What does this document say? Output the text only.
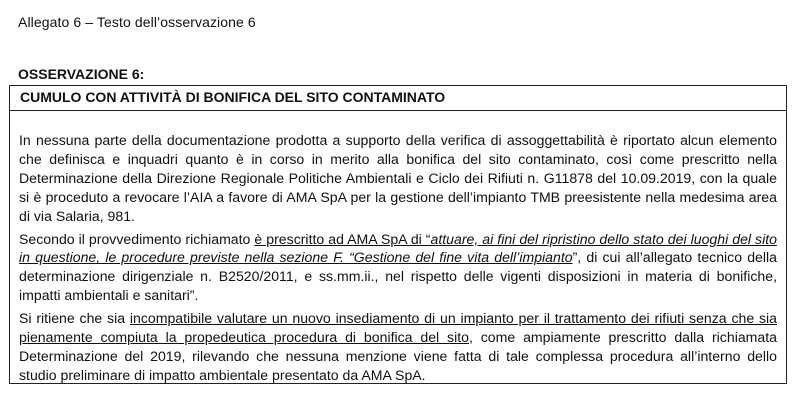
Allegato 6 – Testo dell’osservazione 6
OSSERVAZIONE 6:
CUMULO CON ATTIVITÀ DI BONIFICA DEL SITO CONTAMINATO

In nessuna parte della documentazione prodotta a supporto della verifica di assoggettabilità è riportato alcun elemento che definisca e inquadri quanto è in corso in merito alla bonifica del sito contaminato, così come prescritto nella Determinazione della Direzione Regionale Politiche Ambientali e Ciclo dei Rifiuti n. G11878 del 10.09.2019, con la quale si è proceduto a revocare l’AIA a favore di AMA SpA per la gestione dell’impianto TMB preesistente nella medesima area di via Salaria, 981.

Secondo il provvedimento richiamato è prescritto ad AMA SpA di “attuare, ai fini del ripristino dello stato dei luoghi del sito in questione, le procedure previste nella sezione F. “Gestione del fine vita dell’impianto”, di cui all’allegato tecnico della determinazione dirigenziale n. B2520/2011, e ss.mm.ii., nel rispetto delle vigenti disposizioni in materia di bonifiche, impatti ambientali e sanitari”.

Si ritiene che sia incompatibile valutare un nuovo insediamento di un impianto per il trattamento dei rifiuti senza che sia pienamente compiuta la propedeutica procedura di bonifica del sito, come ampiamente prescritto dalla richiamata Determinazione del 2019, rilevando che nessuna menzione viene fatta di tale complessa procedura all’interno dello studio preliminare di impatto ambientale presentato da AMA SpA.
